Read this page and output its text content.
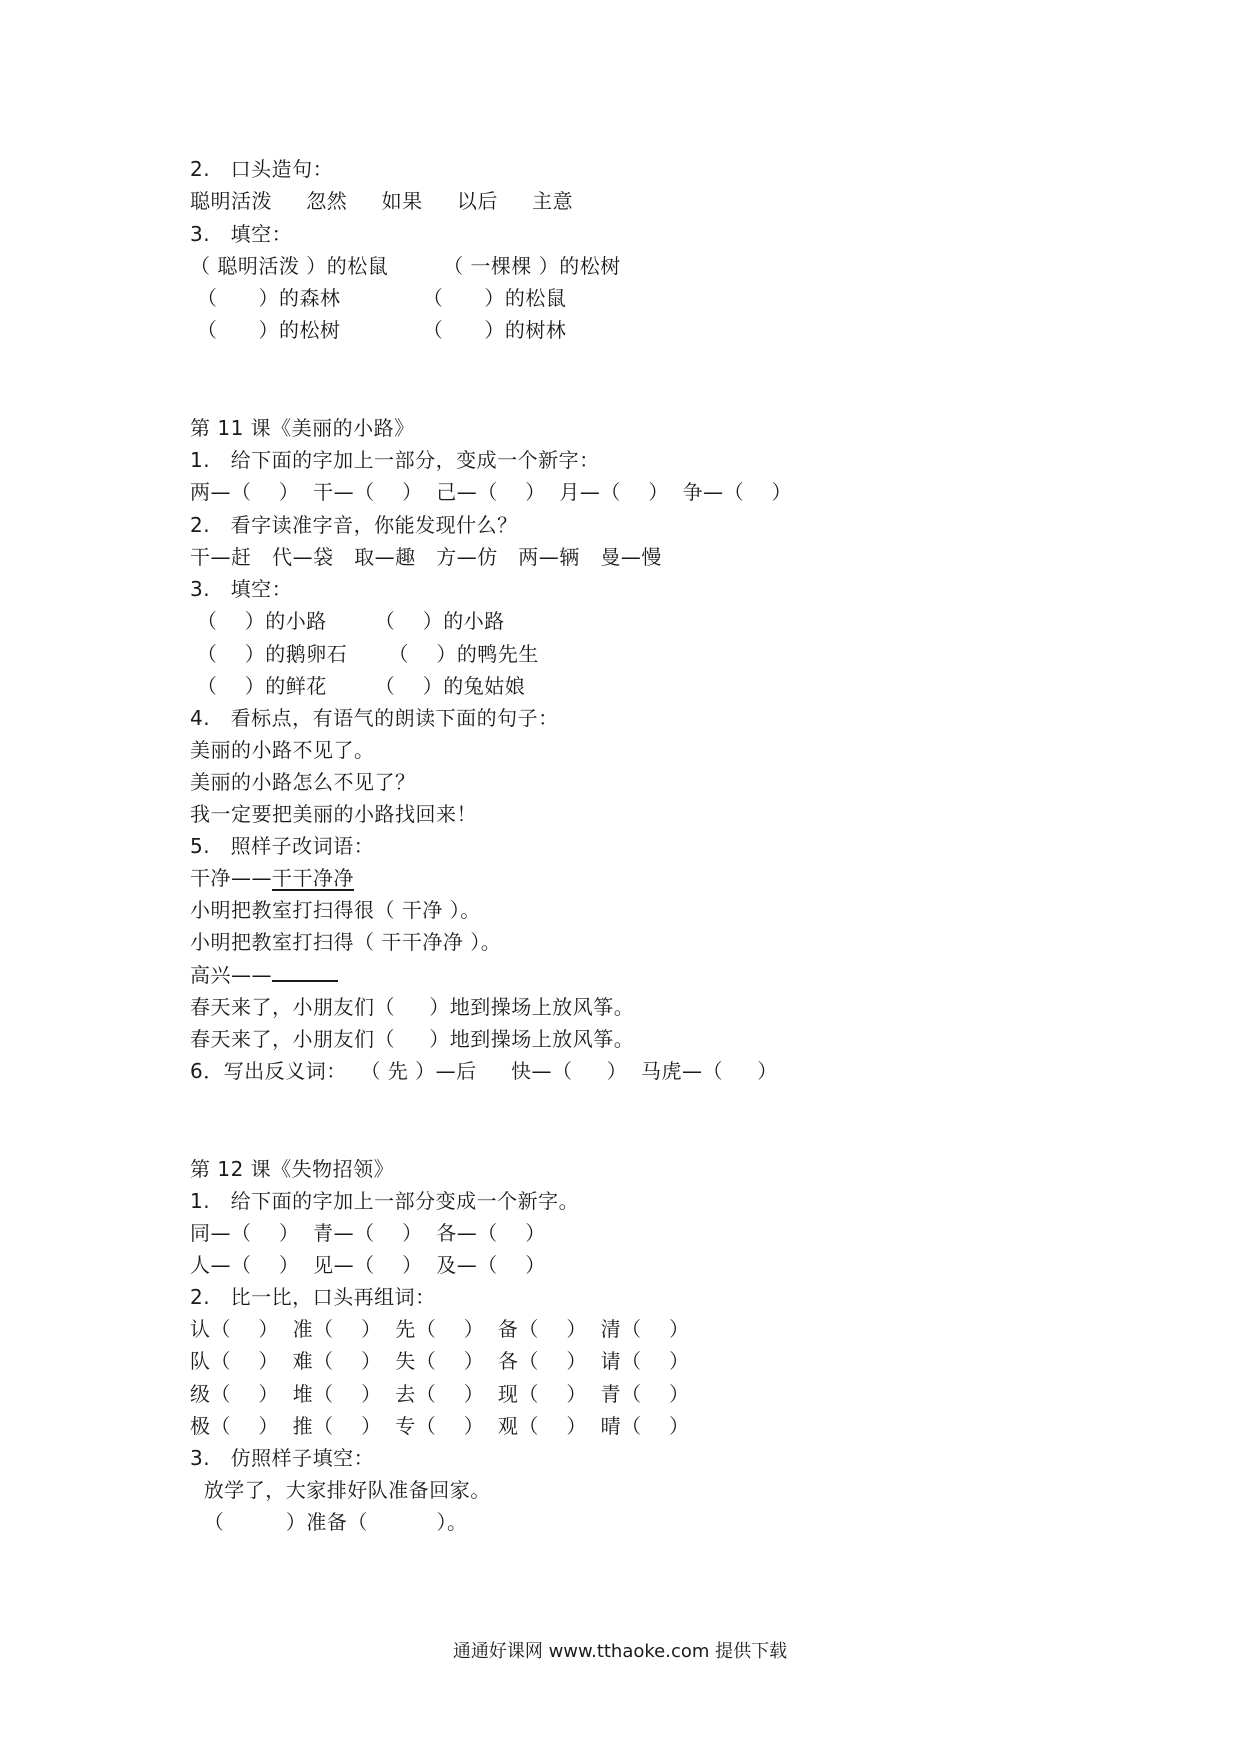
2.   口头造句：
聪明活泼     忽然     如果     以后     主意
3.   填空：
（ 聪明活泼 ）的松鼠        （ 一棵棵 ）的松树
（      ）的森林            （      ）的松鼠
（      ）的松树            （      ）的树林
第 11 课《美丽的小路》
1.   给下面的字加上一部分，变成一个新字：
两—（    ）  干—（    ）  己—（    ）  月—（    ）  争—（    ）
2.   看字读准字音，你能发现什么？
干—赶   代—袋   取—趣   方—仿   两—辆   曼—慢
3.   填空：
（    ）的小路       （    ）的小路
（    ）的鹅卵石      （    ）的鸭先生
（    ）的鲜花       （    ）的兔姑娘
4.   看标点，有语气的朗读下面的句子：
美丽的小路不见了。
美丽的小路怎么不见了？
我一定要把美丽的小路找回来！
5.   照样子改词语：
干净——干干净净
小明把教室打扫得很（ 干净 ）。
小明把教室打扫得（ 干干净净 ）。
高兴——
春天来了，小朋友们（     ）地到操场上放风筝。
春天来了，小朋友们（     ）地到操场上放风筝。
6．写出反义词：  （ 先 ）—后     快—（     ）  马虎—（     ）
第 12 课《失物招领》
1.   给下面的字加上一部分变成一个新字。
同—（    ）  青—（    ）  各—（    ）
人—（    ）  见—（    ）  及—（    ）
2.   比一比，口头再组词：
认（    ）  准（    ）  先（    ）  备（    ）  清（    ）
队（    ）  难（    ）  失（    ）  各（    ）  请（    ）
级（    ）  堆（    ）  去（    ）  现（    ）  青（    ）
极（    ）  推（    ）  专（    ）  观（    ）  晴（    ）
3.   仿照样子填空：
放学了，大家排好队准备回家。
（         ）准备（          ）。
通通好课网 www.tthaoke.com 提供下载
